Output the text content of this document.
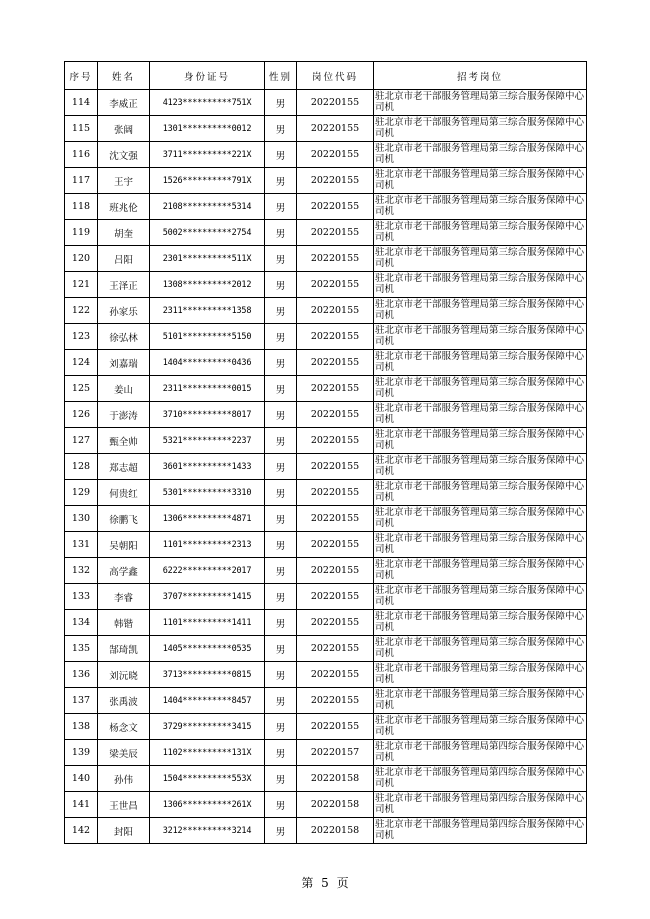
序号	姓名	身份证号	性别	岗位代码	招考岗位
114	李威正	4123**********751X	男	20220155	驻北京市老干部服务管理局第三综合服务保障中心司机
115	张阔	1301**********0012	男	20220155	驻北京市老干部服务管理局第三综合服务保障中心司机
116	沈文强	3711**********221X	男	20220155	驻北京市老干部服务管理局第三综合服务保障中心司机
117	王宇	1526**********791X	男	20220155	驻北京市老干部服务管理局第三综合服务保障中心司机
118	班兆伦	2108**********5314	男	20220155	驻北京市老干部服务管理局第三综合服务保障中心司机
119	胡奎	5002**********2754	男	20220155	驻北京市老干部服务管理局第三综合服务保障中心司机
120	吕阳	2301**********511X	男	20220155	驻北京市老干部服务管理局第三综合服务保障中心司机
121	王泽正	1308**********2012	男	20220155	驻北京市老干部服务管理局第三综合服务保障中心司机
122	孙家乐	2311**********1358	男	20220155	驻北京市老干部服务管理局第三综合服务保障中心司机
123	徐弘林	5101**********5150	男	20220155	驻北京市老干部服务管理局第三综合服务保障中心司机
124	刘嘉瑞	1404**********0436	男	20220155	驻北京市老干部服务管理局第三综合服务保障中心司机
125	姜山	2311**********0015	男	20220155	驻北京市老干部服务管理局第三综合服务保障中心司机
126	于澎涛	3710**********8017	男	20220155	驻北京市老干部服务管理局第三综合服务保障中心司机
127	甄全帅	5321**********2237	男	20220155	驻北京市老干部服务管理局第三综合服务保障中心司机
128	郑志超	3601**********1433	男	20220155	驻北京市老干部服务管理局第三综合服务保障中心司机
129	何贵红	5301**********3310	男	20220155	驻北京市老干部服务管理局第三综合服务保障中心司机
130	徐鹏飞	1306**********4871	男	20220155	驻北京市老干部服务管理局第三综合服务保障中心司机
131	吴朝阳	1101**********2313	男	20220155	驻北京市老干部服务管理局第三综合服务保障中心司机
132	高学鑫	6222**********2017	男	20220155	驻北京市老干部服务管理局第三综合服务保障中心司机
133	李睿	3707**********1415	男	20220155	驻北京市老干部服务管理局第三综合服务保障中心司机
134	韩锴	1101**********1411	男	20220155	驻北京市老干部服务管理局第三综合服务保障中心司机
135	郜琦凯	1405**********0535	男	20220155	驻北京市老干部服务管理局第三综合服务保障中心司机
136	刘沅晓	3713**********0815	男	20220155	驻北京市老干部服务管理局第三综合服务保障中心司机
137	张禹波	1404**********8457	男	20220155	驻北京市老干部服务管理局第三综合服务保障中心司机
138	杨念文	3729**********3415	男	20220155	驻北京市老干部服务管理局第三综合服务保障中心司机
139	梁美辰	1102**********131X	男	20220157	驻北京市老干部服务管理局第四综合服务保障中心司机
140	孙伟	1504**********553X	男	20220158	驻北京市老干部服务管理局第四综合服务保障中心司机
141	王世昌	1306**********261X	男	20220158	驻北京市老干部服务管理局第四综合服务保障中心司机
142	封阳	3212**********3214	男	20220158	驻北京市老干部服务管理局第四综合服务保障中心司机
第 5 页
